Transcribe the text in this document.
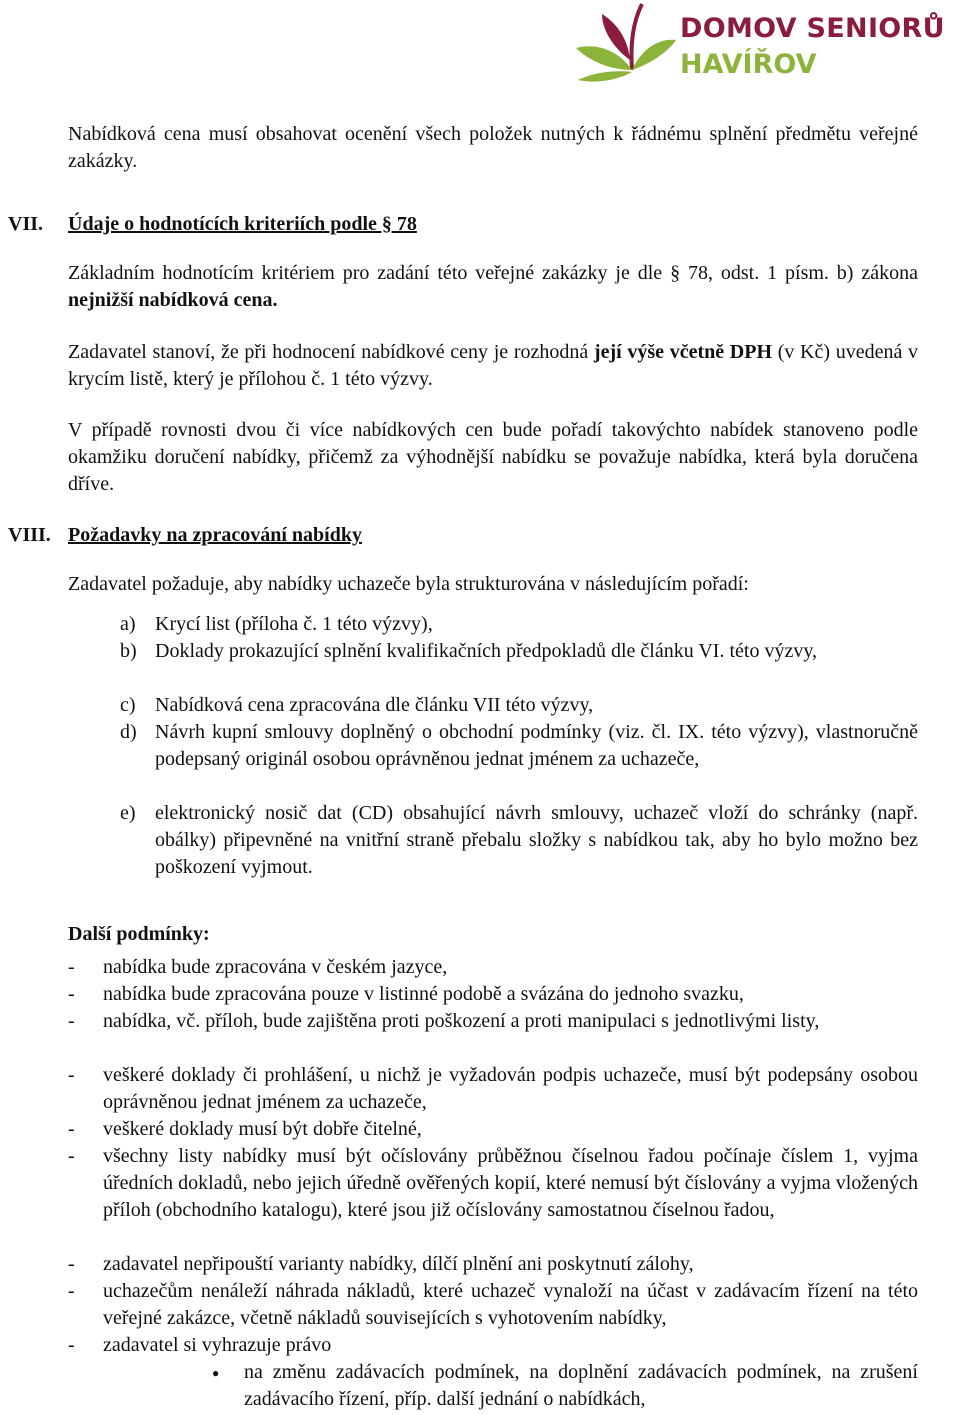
DOMOV SENIORŮ
HAVÍŘOV

Nabídková cena musí obsahovat ocenění všech položek nutných k řádnému splnění předmětu veřejné zakázky.

VII. Údaje o hodnotících kriteriích podle § 78

Základním hodnotícím kritériem pro zadání této veřejné zakázky je dle § 78, odst. 1 písm. b) zákona nejnižší nabídková cena.

Zadavatel stanoví, že při hodnocení nabídkové ceny je rozhodná její výše včetně DPH (v Kč) uvedená v krycím listě, který je přílohou č. 1 této výzvy.

V případě rovnosti dvou či více nabídkových cen bude pořadí takovýchto nabídek stanoveno podle okamžiku doručení nabídky, přičemž za výhodnější nabídku se považuje nabídka, která byla doručena dříve.

VIII. Požadavky na zpracování nabídky

Zadavatel požaduje, aby nabídky uchazeče byla strukturována v následujícím pořadí:

a) Krycí list (příloha č. 1 této výzvy),

b) Doklady prokazující splnění kvalifikačních předpokladů dle článku VI. této výzvy,

c) Nabídková cena zpracována dle článku VII této výzvy,

d) Návrh kupní smlouvy doplněný o obchodní podmínky (viz. čl. IX. této výzvy), vlastnoručně podepsaný originál osobou oprávněnou jednat jménem za uchazeče,

e) elektronický nosič dat (CD) obsahující návrh smlouvy, uchazeč vloží do schránky (např. obálky) připevněné na vnitřní straně přebalu složky s nabídkou tak, aby ho bylo možno bez poškození vyjmout.

Další podmínky:
- nabídka bude zpracována v českém jazyce,

- nabídka bude zpracována pouze v listinné podobě a svázána do jednoho svazku,

- nabídka, vč. příloh, bude zajištěna proti poškození a proti manipulaci s jednotlivými listy,

- veškeré doklady či prohlášení, u nichž je vyžadován podpis uchazeče, musí být podepsány osobou oprávněnou jednat jménem za uchazeče,

- veškeré doklady musí být dobře čitelné,

- všechny listy nabídky musí být očíslovány průběžnou číselnou řadou počínaje číslem 1, vyjma úředních dokladů, nebo jejich úředně ověřených kopií, které nemusí být číslovány a vyjma vložených příloh (obchodního katalogu), které jsou již očíslovány samostatnou číselnou řadou,

- zadavatel nepřipouští varianty nabídky, dílčí plnění ani poskytnutí zálohy,

- uchazečům nenáleží náhrada nákladů, které uchazeč vynaloží na účast v zadávacím řízení na této veřejné zakázce, včetně nákladů souvisejících s vyhotovením nabídky,

- zadavatel si vyhrazuje právo

● na změnu zadávacích podmínek, na doplnění zadávacích podmínek, na zrušení zadávacího řízení, příp. další jednání o nabídkách,
